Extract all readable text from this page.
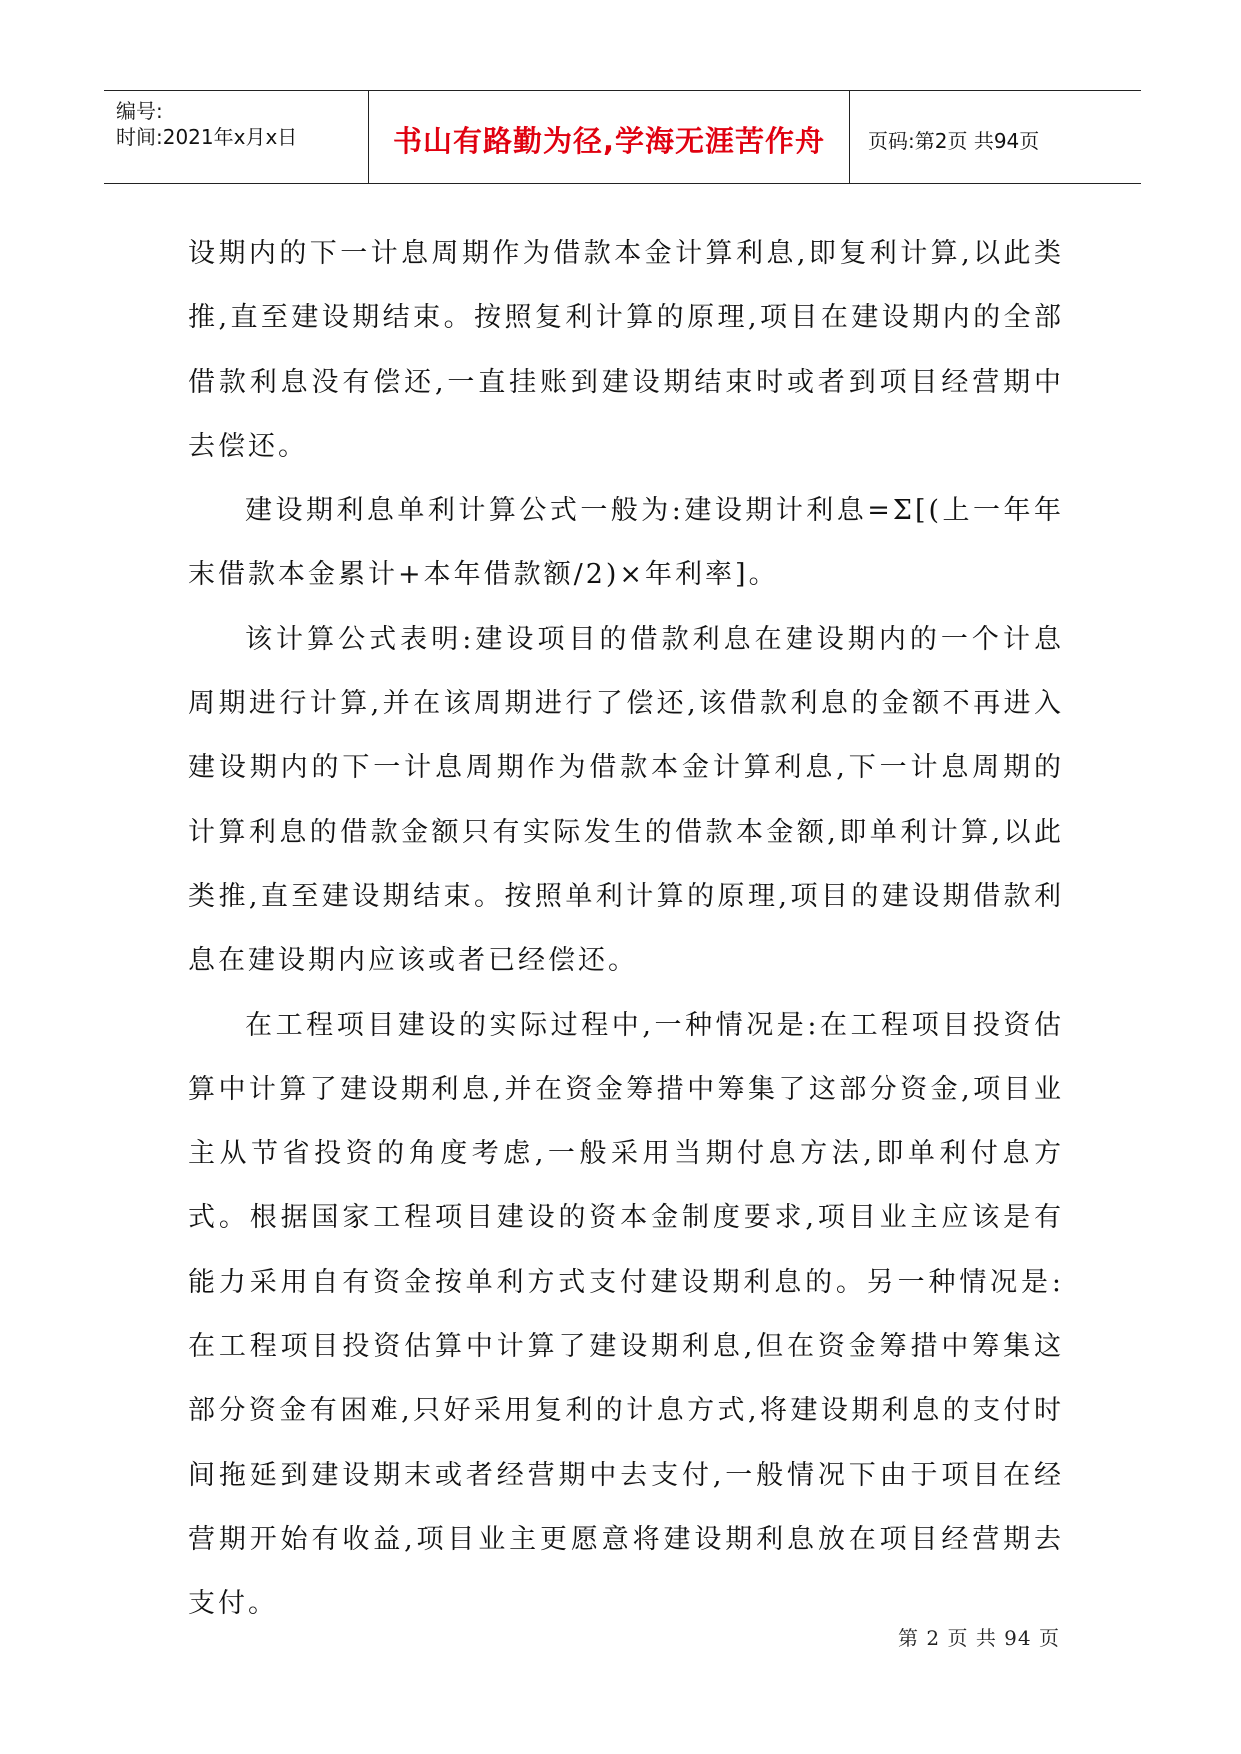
编号:
时间:2021年x月x日	书山有路勤为径,学海无涯苦作舟	页码:第2页 共94页

设期内的下一计息周期作为借款本金计算利息,即复利计算,以此类推,直至建设期结束。按照复利计算的原理,项目在建设期内的全部借款利息没有偿还,一直挂账到建设期结束时或者到项目经营期中去偿还。

建设期利息单利计算公式一般为:建设期计利息=Σ[(上一年年末借款本金累计+本年借款额/2)×年利率]。

该计算公式表明:建设项目的借款利息在建设期内的一个计息周期进行计算,并在该周期进行了偿还,该借款利息的金额不再进入建设期内的下一计息周期作为借款本金计算利息,下一计息周期的计算利息的借款金额只有实际发生的借款本金额,即单利计算,以此类推,直至建设期结束。按照单利计算的原理,项目的建设期借款利息在建设期内应该或者已经偿还。

在工程项目建设的实际过程中,一种情况是:在工程项目投资估算中计算了建设期利息,并在资金筹措中筹集了这部分资金,项目业主从节省投资的角度考虑,一般采用当期付息方法,即单利付息方式。根据国家工程项目建设的资本金制度要求,项目业主应该是有能力采用自有资金按单利方式支付建设期利息的。另一种情况是:在工程项目投资估算中计算了建设期利息,但在资金筹措中筹集这部分资金有困难,只好采用复利的计息方式,将建设期利息的支付时间拖延到建设期末或者经营期中去支付,一般情况下由于项目在经营期开始有收益,项目业主更愿意将建设期利息放在项目经营期去支付。

第 2 页 共 94 页
